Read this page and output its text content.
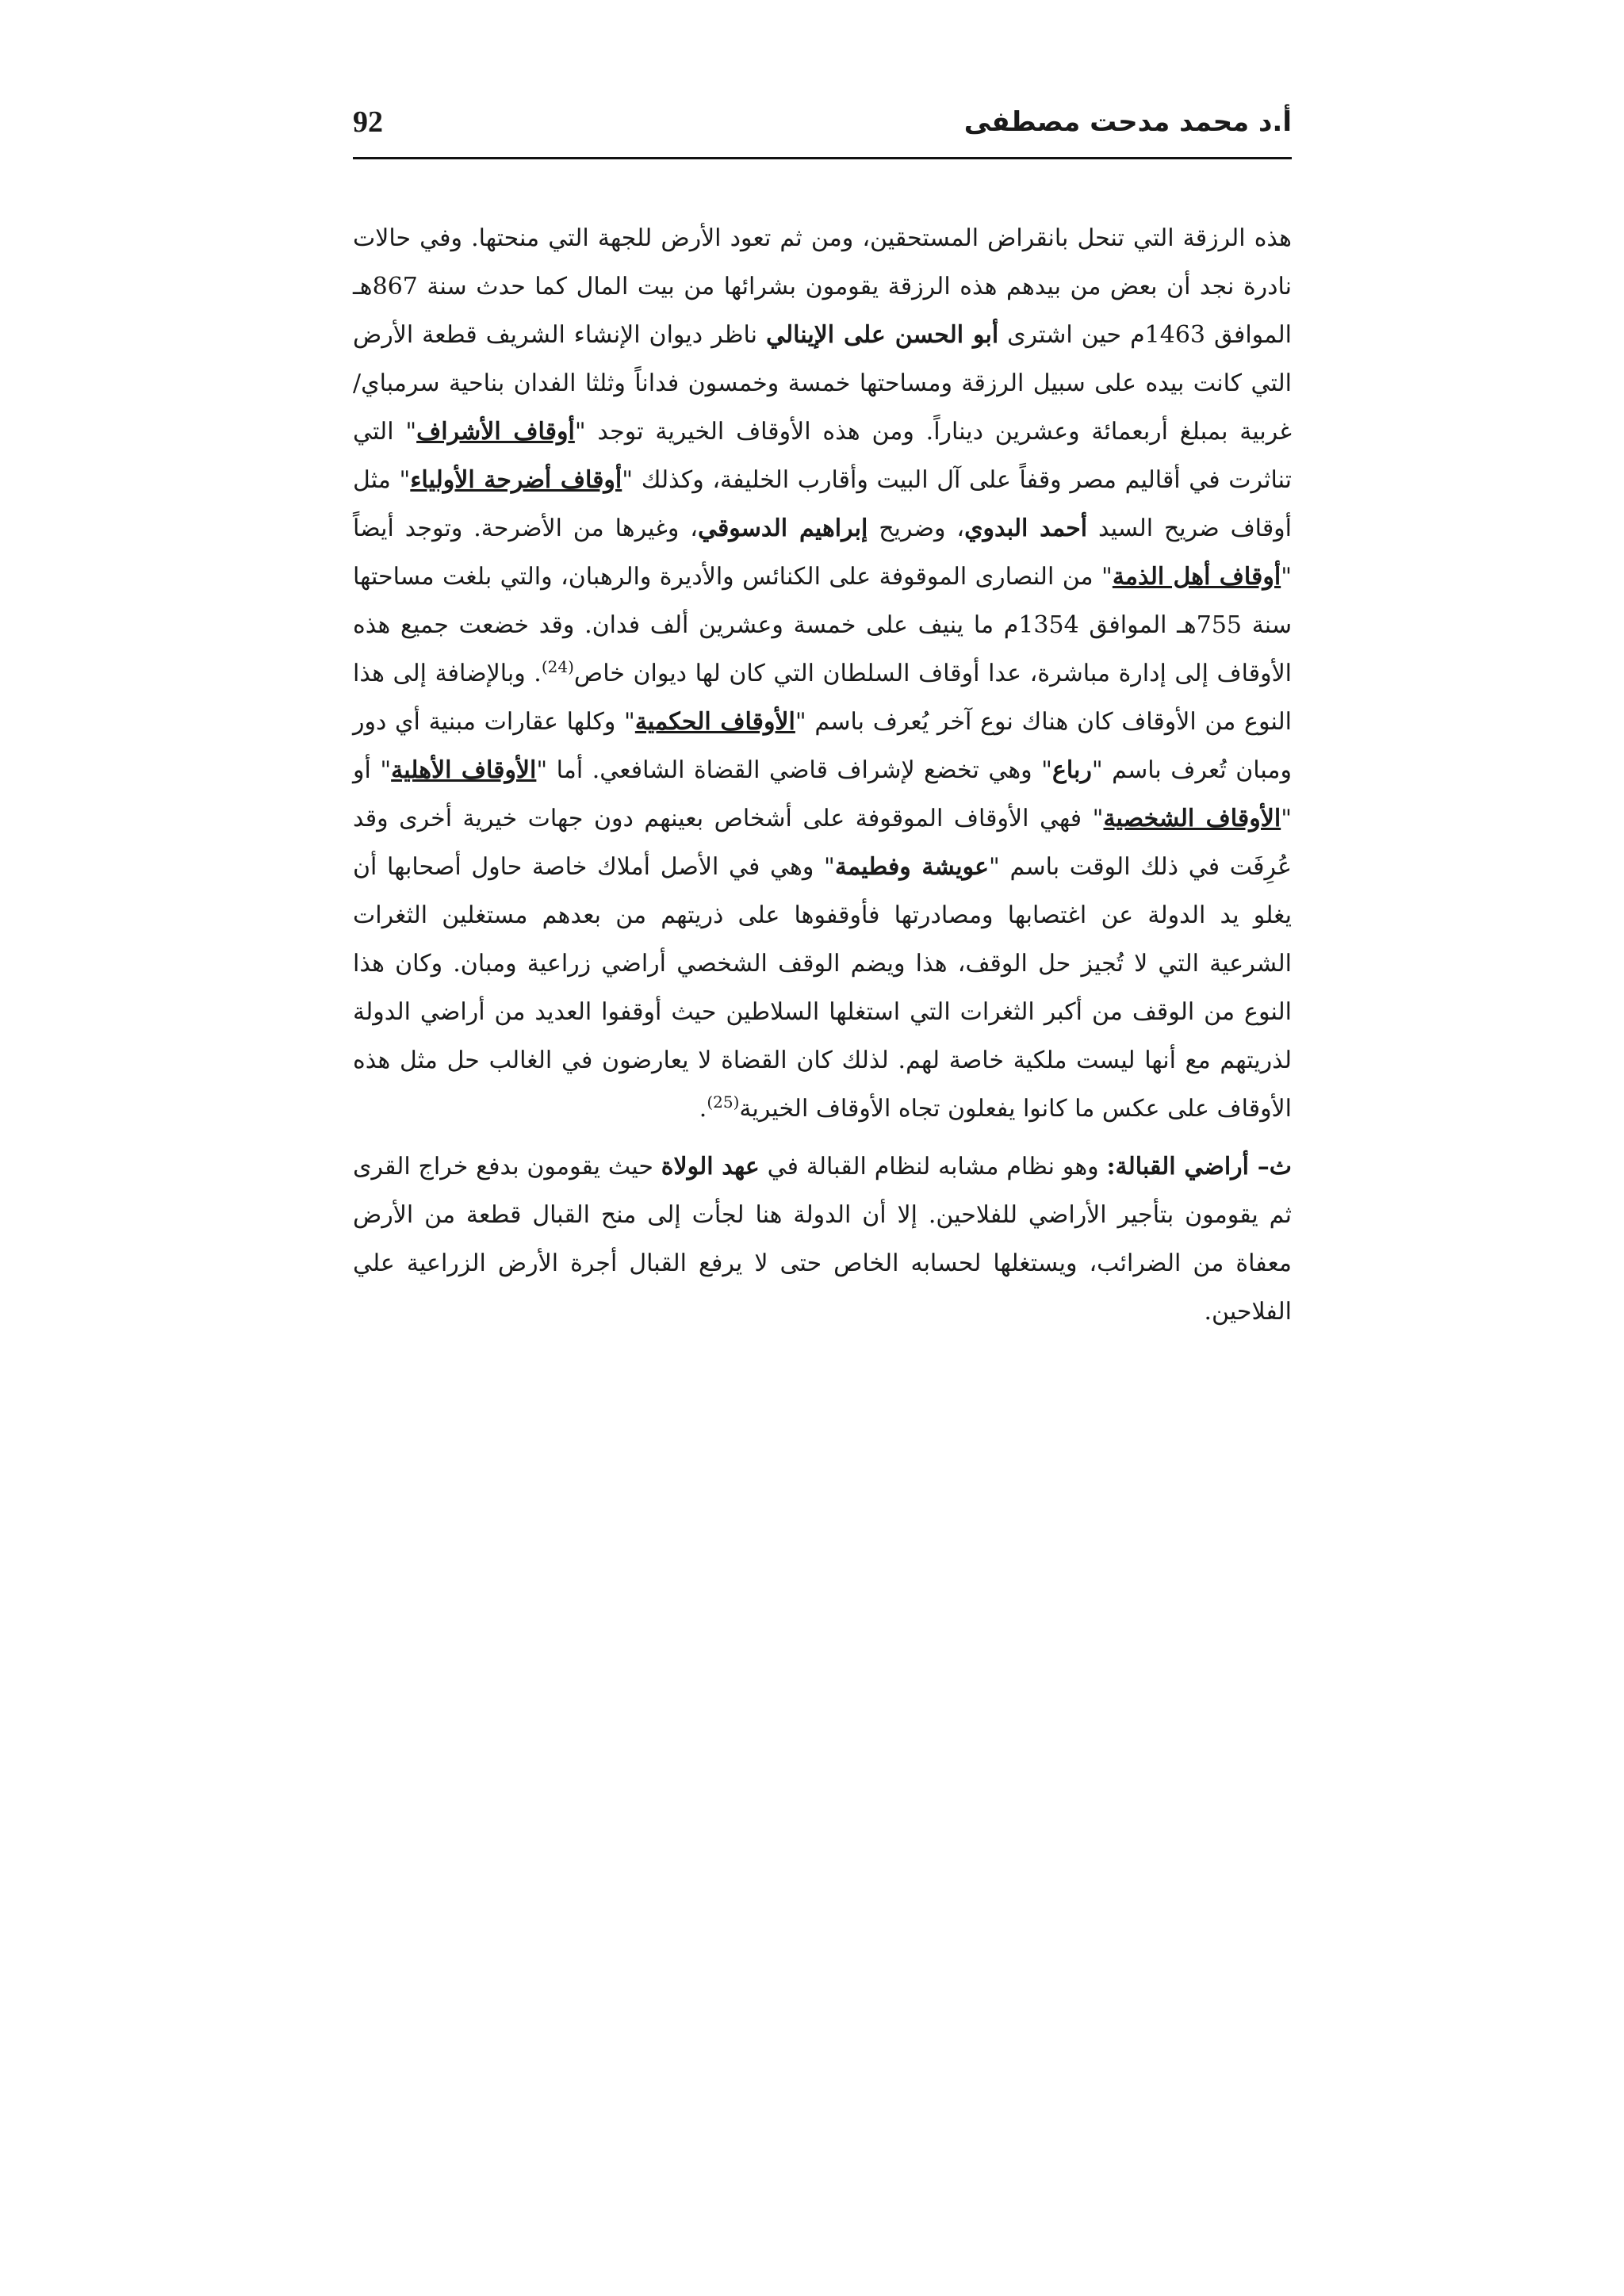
أ.د محمد مدحت مصطفى
92

هذه الرزقة التي تنحل بانقراض المستحقين، ومن ثم تعود الأرض للجهة التي منحتها. وفي حالات نادرة نجد أن بعض من بيدهم هذه الرزقة يقومون بشرائها من بيت المال كما حدث سنة 867هـ الموافق 1463م حين اشترى أبو الحسن على الإينالي ناظر ديوان الإنشاء الشريف قطعة الأرض التي كانت بيده على سبيل الرزقة ومساحتها خمسة وخمسون فداناً وثلثا الفدان بناحية سرمباي/ غربية بمبلغ أربعمائة وعشرين ديناراً. ومن هذه الأوقاف الخيرية توجد "أوقاف الأشراف" التي تناثرت في أقاليم مصر وقفاً على آل البيت وأقارب الخليفة، وكذلك "أوقاف أضرحة الأولياء" مثل أوقاف ضريح السيد أحمد البدوي، وضريح إبراهيم الدسوقي، وغيرها من الأضرحة. وتوجد أيضاً "أوقاف أهل الذمة" من النصارى الموقوفة على الكنائس والأديرة والرهبان، والتي بلغت مساحتها سنة 755هـ الموافق 1354م ما ينيف على خمسة وعشرين ألف فدان. وقد خضعت جميع هذه الأوقاف إلى إدارة مباشرة، عدا أوقاف السلطان التي كان لها ديوان خاص$^{(24)}$. وبالإضافة إلى هذا النوع من الأوقاف كان هناك نوع آخر يُعرف باسم "الأوقاف الحكمية" وكلها عقارات مبنية أي دور ومبان تُعرف باسم "رباع" وهي تخضع لإشراف قاضي القضاة الشافعي. أما "الأوقاف الأهلية" أو "الأوقاف الشخصية" فهي الأوقاف الموقوفة على أشخاص بعينهم دون جهات خيرية أخرى وقد عُرِفَت في ذلك الوقت باسم "عويشة وفطيمة" وهي في الأصل أملاك خاصة حاول أصحابها أن يغلو يد الدولة عن اغتصابها ومصادرتها فأوقفوها على ذريتهم من بعدهم مستغلين الثغرات الشرعية التي لا تُجيز حل الوقف، هذا ويضم الوقف الشخصي أراضي زراعية ومبان. وكان هذا النوع من الوقف من أكبر الثغرات التي استغلها السلاطين حيث أوقفوا العديد من أراضي الدولة لذريتهم مع أنها ليست ملكية خاصة لهم. لذلك كان القضاة لا يعارضون في الغالب حل مثل هذه الأوقاف على عكس ما كانوا يفعلون تجاه الأوقاف الخيرية$^{(25)}$.

ث– أراضي القبالة: وهو نظام مشابه لنظام القبالة في عهد الولاة حيث يقومون بدفع خراج القرى ثم يقومون بتأجير الأراضي للفلاحين. إلا أن الدولة هنا لجأت إلى منح القبال قطعة من الأرض معفاة من الضرائب، ويستغلها لحسابه الخاص حتى لا يرفع القبال أجرة الأرض الزراعية علي الفلاحين.
